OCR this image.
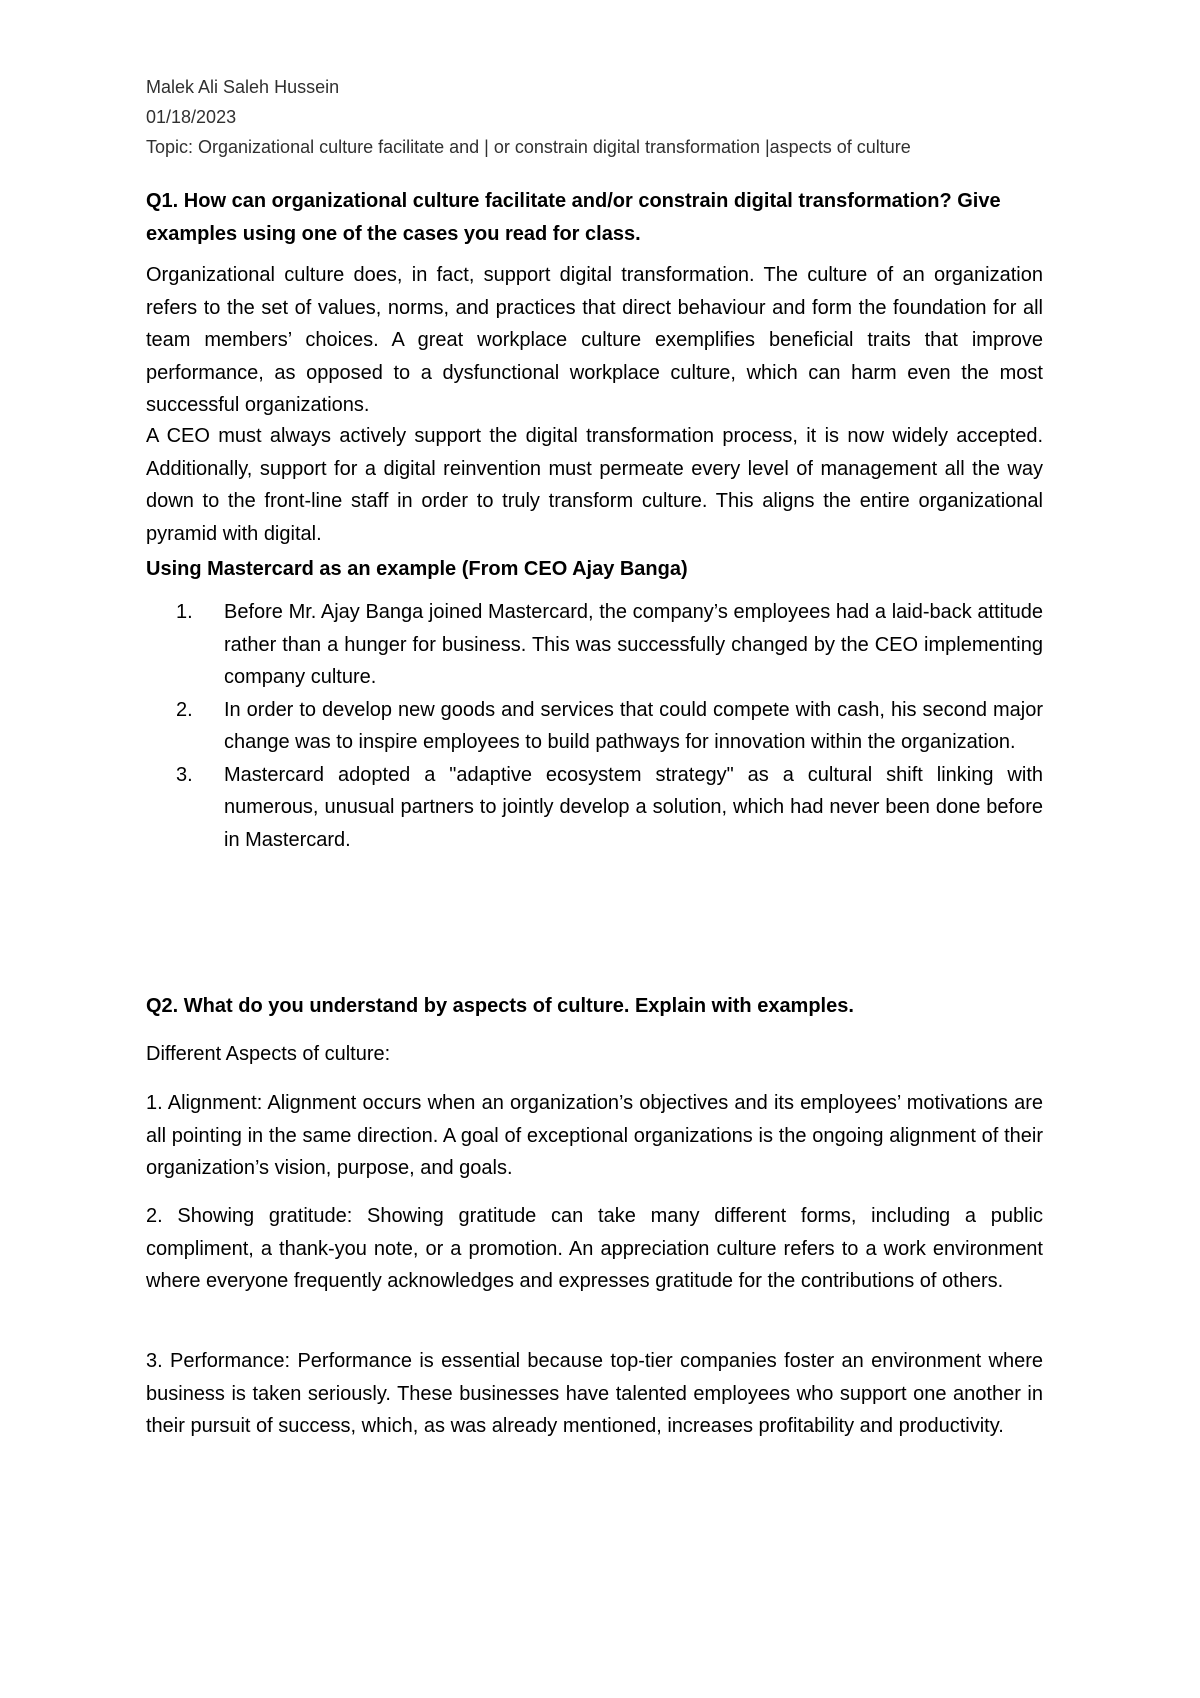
Malek Ali Saleh Hussein
01/18/2023
Topic: Organizational culture facilitate and | or constrain digital transformation |aspects of culture

Q1. How can organizational culture facilitate and/or constrain digital transformation? Give examples using one of the cases you read for class.

Organizational culture does, in fact, support digital transformation. The culture of an organization refers to the set of values, norms, and practices that direct behaviour and form the foundation for all team members’ choices. A great workplace culture exemplifies beneficial traits that improve performance, as opposed to a dysfunctional workplace culture, which can harm even the most successful organizations.

A CEO must always actively support the digital transformation process, it is now widely accepted. Additionally, support for a digital reinvention must permeate every level of management all the way down to the front-line staff in order to truly transform culture. This aligns the entire organizational pyramid with digital.

Using Mastercard as an example (From CEO Ajay Banga)

1. Before Mr. Ajay Banga joined Mastercard, the company’s employees had a laid-back attitude rather than a hunger for business. This was successfully changed by the CEO implementing company culture.
2. In order to develop new goods and services that could compete with cash, his second major change was to inspire employees to build pathways for innovation within the organization.
3. Mastercard adopted a "adaptive ecosystem strategy" as a cultural shift linking with numerous, unusual partners to jointly develop a solution, which had never been done before in Mastercard.

Q2. What do you understand by aspects of culture. Explain with examples.

Different Aspects of culture:

1. Alignment: Alignment occurs when an organization’s objectives and its employees’ motivations are all pointing in the same direction. A goal of exceptional organizations is the ongoing alignment of their organization’s vision, purpose, and goals.

2. Showing gratitude: Showing gratitude can take many different forms, including a public compliment, a thank-you note, or a promotion. An appreciation culture refers to a work environment where everyone frequently acknowledges and expresses gratitude for the contributions of others.

3. Performance: Performance is essential because top-tier companies foster an environment where business is taken seriously. These businesses have talented employees who support one another in their pursuit of success, which, as was already mentioned, increases profitability and productivity.
